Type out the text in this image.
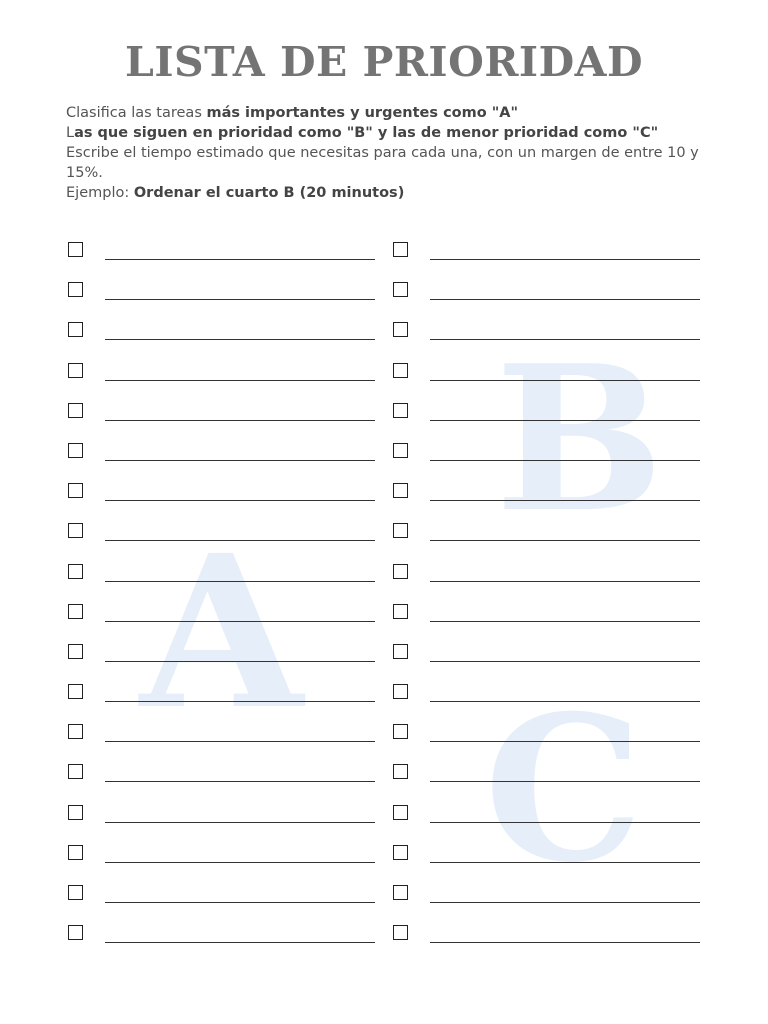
LISTA DE PRIORIDAD

Clasifica las tareas más importantes y urgentes como "A"

Las que siguen en prioridad como "B" y las de menor prioridad como "C"

Escribe el tiempo estimado que necesitas para cada una, con un margen de entre 10 y 15%.

Ejemplo: Ordenar el cuarto B (20 minutos)

B
A
C
